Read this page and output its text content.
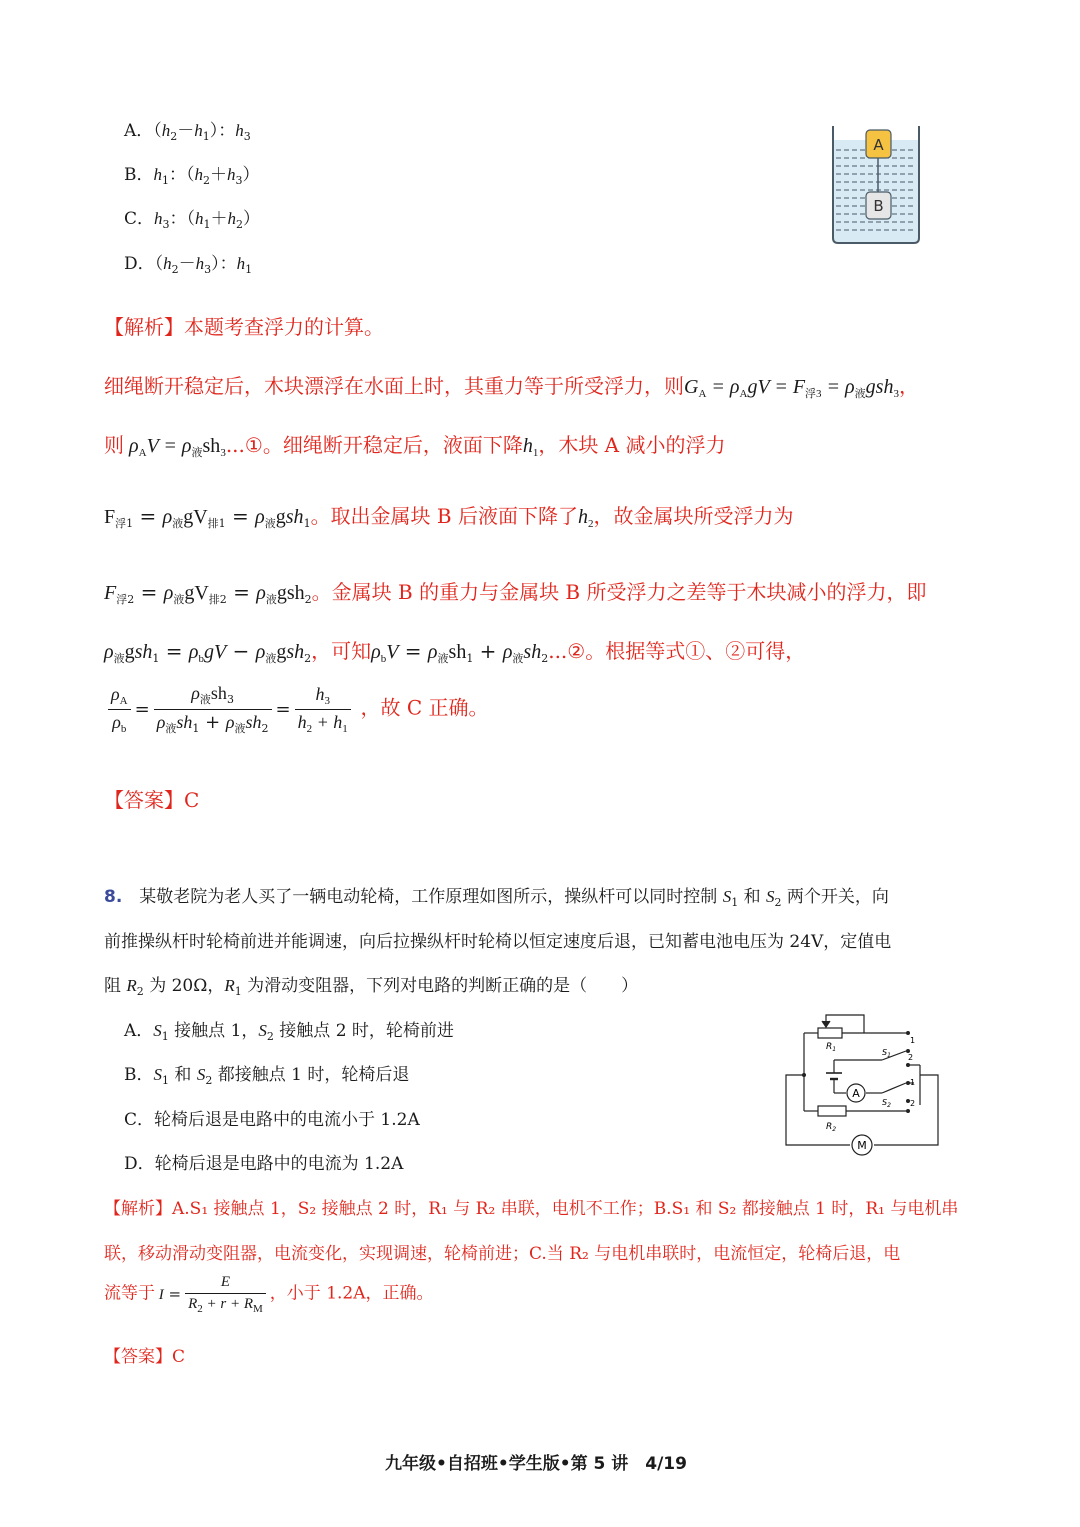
A．$(h_2-h_1)$：$h_3$
B．$h_1$：$(h_2+h_3)$
C．$h_3$：$(h_1+h_2)$
D．$(h_2-h_3)$：$h_1$
A
B
【解析】本题考查浮力的计算。
细绳断开稳定后，木块漂浮在水面上时，其重力等于所受浮力，则$G_A = \rho_AgV = F_{浮3} = \rho_液gsh_3$，
则 $\rho_AV$ = $\rho_液sh_3...①$。细绳断开稳定后，液面下降$h_1$，木块 A 减小的浮力
$F_{浮1} = \rho_液gV_{排1} = \rho_液gsh_1$。取出金属块 B 后液面下降了$h_2$，故金属块所受浮力为
$F_{浮2} = \rho_液gV_{排2} = \rho_液gsh_2$。金属块 B 的重力与金属块 B 所受浮力之差等于木块减小的浮力，即
$\rho_液gsh_1 = \rho_bgV - \rho_液gsh_2$，可知$\rho_bV = \rho_液sh_1$ + $\rho_液sh_2...②$。根据等式①、②可得，
$\frac{\rho_A}{\rho_b} = \frac{\rho_液sh_3}{\rho_液sh_1 + \rho_液sh_2} = \frac{h_3}{h_2 + h_1}$ ，故 C 正确。
【答案】C
8.　 某敬老院为老人买了一辆电动轮椅，工作原理如图所示，操纵杆可以同时控制 $S_1$ 和 $S_2$ 两个开关，向
前推操纵杆时轮椅前进并能调速，向后拉操纵杆时轮椅以恒定速度后退，已知蓄电池电压为 24V，定值电
阻 $R_2$ 为 20Ω，$R_1$ 为滑动变阻器，下列对电路的判断正确的是（　　）
A．$S_1$ 接触点 1，$S_2$ 接触点 2 时，轮椅前进
B．$S_1$ 和 $S_2$ 都接触点 1 时，轮椅后退
C．轮椅后退是电路中的电流小于 1.2A
D．轮椅后退是电路中的电流为 1.2A
$R_1$
$R_2$
$S_1$
$S_2$
A
M
1
2
1
2
【解析】A.S₁ 接触点 1，S₂ 接触点 2 时，R₁ 与 R₂ 串联，电机不工作；B.S₁ 和 S₂ 都接触点 1 时，R₁ 与电机串
联，移动滑动变阻器，电流变化，实现调速，轮椅前进；C.当 R₂ 与电机串联时，电流恒定，轮椅后退，电
流等于 $I = \frac{E}{R_2 + r + R_M}$ ，小于 1.2A，正确。
【答案】C
九年级•自招班•学生版•第 5 讲　 4/19
